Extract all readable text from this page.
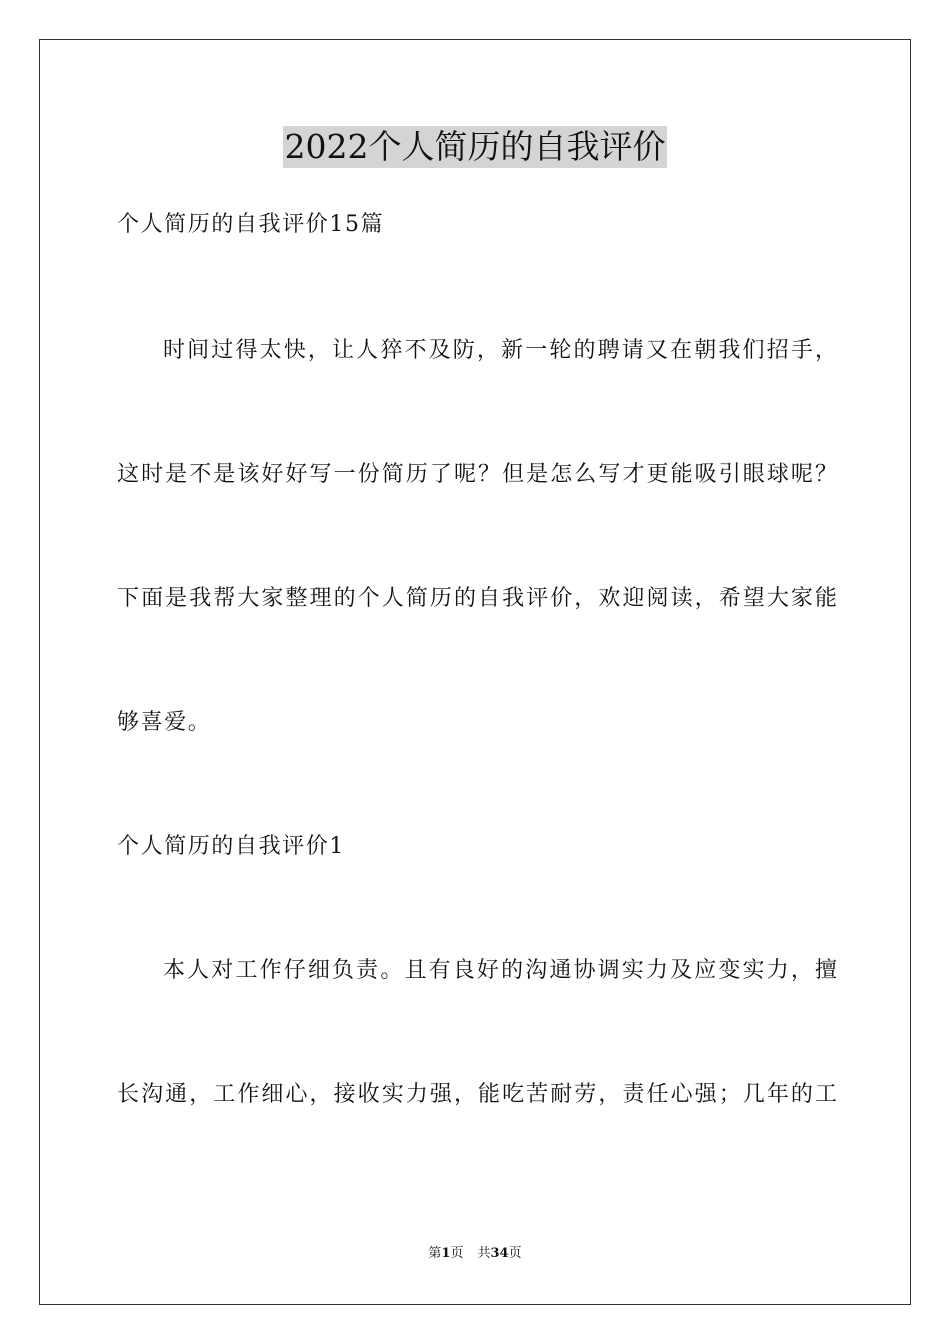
2022个人简历的自我评价
个人简历的自我评价15篇
时间过得太快，让人猝不及防，新一轮的聘请又在朝我们招手，
这时是不是该好好写一份简历了呢？但是怎么写才更能吸引眼球呢？
下面是我帮大家整理的个人简历的自我评价，欢迎阅读，希望大家能
够喜爱。
个人简历的自我评价1
本人对工作仔细负责。且有良好的沟通协调实力及应变实力，擅
长沟通，工作细心，接收实力强，能吃苦耐劳，责任心强；几年的工
第1页 共34页
